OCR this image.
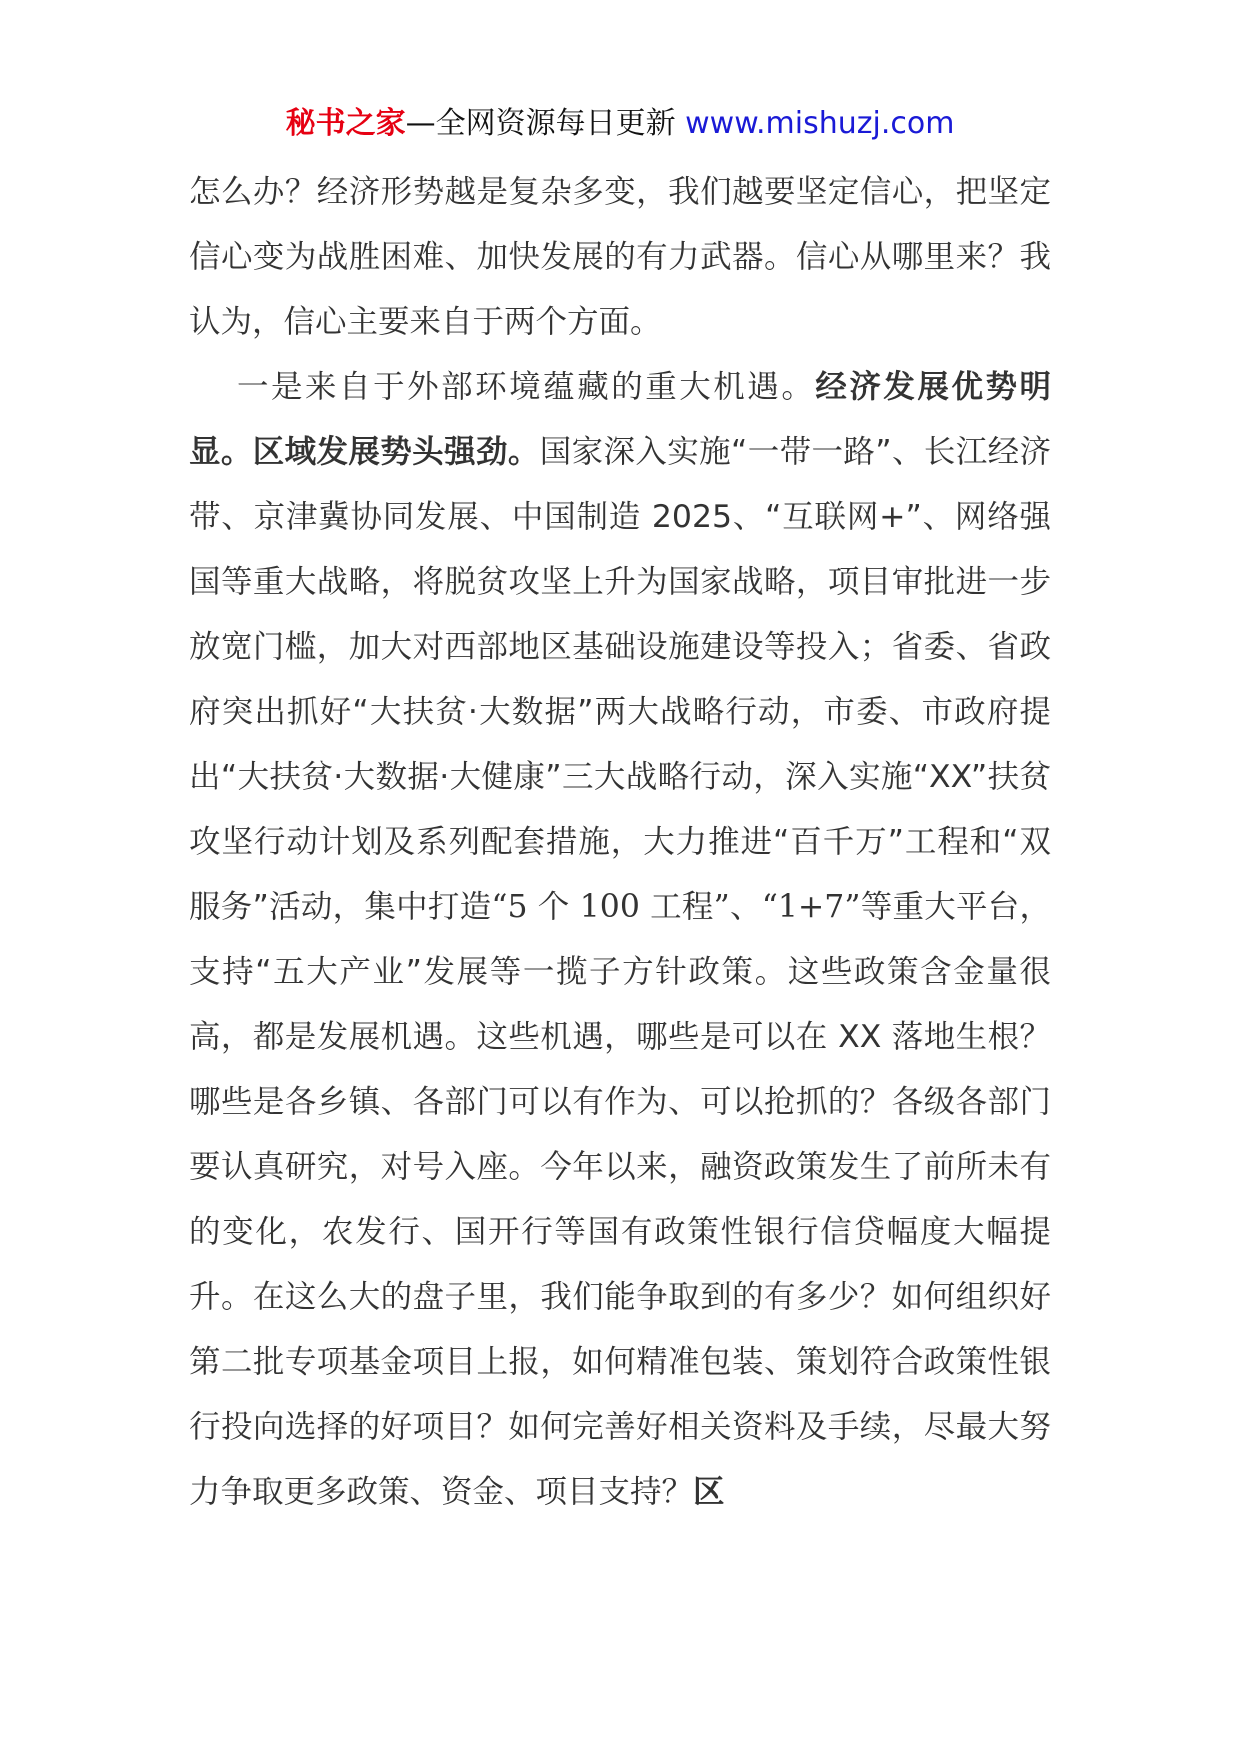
秘书之家—全网资源每日更新 www.mishuzj.com

怎么办？经济形势越是复杂多变，我们越要坚定信心，把坚定信心变为战胜困难、加快发展的有力武器。信心从哪里来？我认为，信心主要来自于两个方面。

一是来自于外部环境蕴藏的重大机遇。经济发展优势明显。区域发展势头强劲。国家深入实施“一带一路”、长江经济带、京津冀协同发展、中国制造 2025、“互联网+”、网络强国等重大战略，将脱贫攻坚上升为国家战略，项目审批进一步放宽门槛，加大对西部地区基础设施建设等投入；省委、省政府突出抓好“大扶贫·大数据”两大战略行动，市委、市政府提出“大扶贫·大数据·大健康”三大战略行动，深入实施“XX”扶贫攻坚行动计划及系列配套措施，大力推进“百千万”工程和“双服务”活动，集中打造“5 个 100 工程”、“1+7”等重大平台，支持“五大产业”发展等一揽子方针政策。这些政策含金量很高，都是发展机遇。这些机遇，哪些是可以在 XX 落地生根？哪些是各乡镇、各部门可以有作为、可以抢抓的？各级各部门要认真研究，对号入座。今年以来，融资政策发生了前所未有的变化，农发行、国开行等国有政策性银行信贷幅度大幅提升。在这么大的盘子里，我们能争取到的有多少？如何组织好第二批专项基金项目上报，如何精准包装、策划符合政策性银行投向选择的好项目？如何完善好相关资料及手续，尽最大努力争取更多政策、资金、项目支持？区
